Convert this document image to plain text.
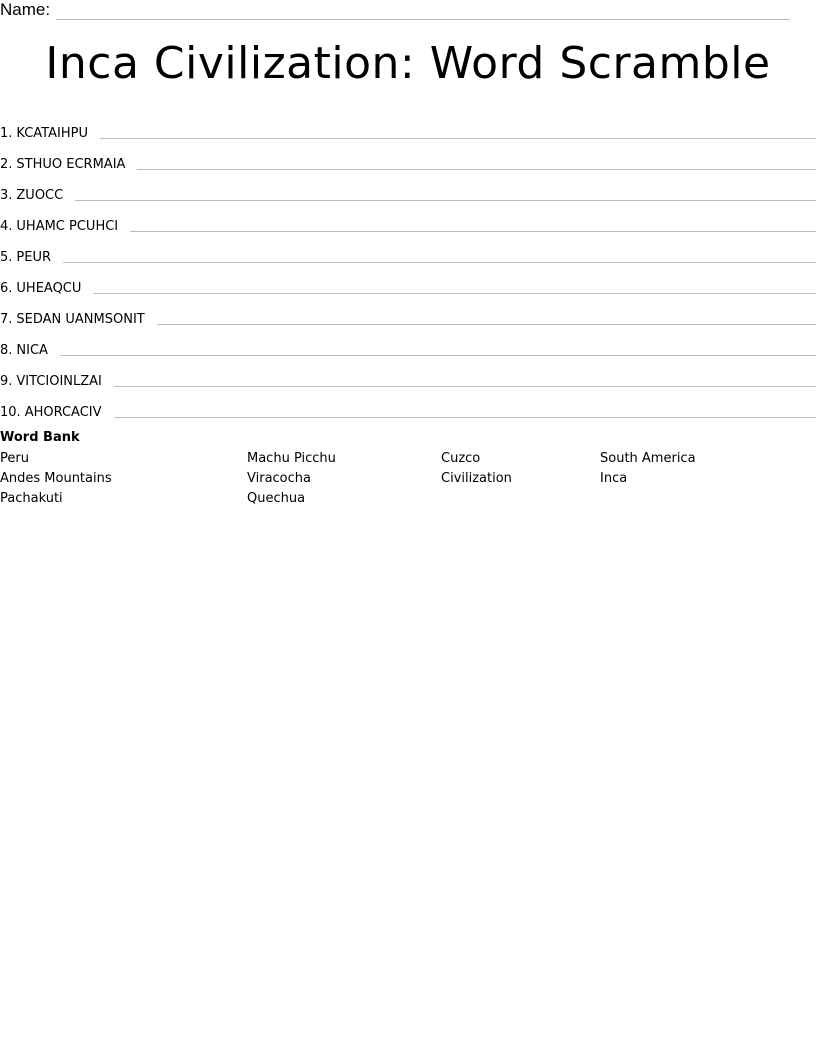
Name:
Inca Civilization: Word Scramble
1. KCATAIHPU
2. STHUO ECRMAIA
3. ZUOCC
4. UHAMC PCUHCI
5. PEUR
6. UHEAQCU
7. SEDAN UANMSONIT
8. NICA
9. VITCIOINLZAI
10. AHORCACIV
Word Bank
Peru	Machu Picchu	Cuzco	South America
Andes Mountains	Viracocha	Civilization	Inca
Pachakuti	Quechua
